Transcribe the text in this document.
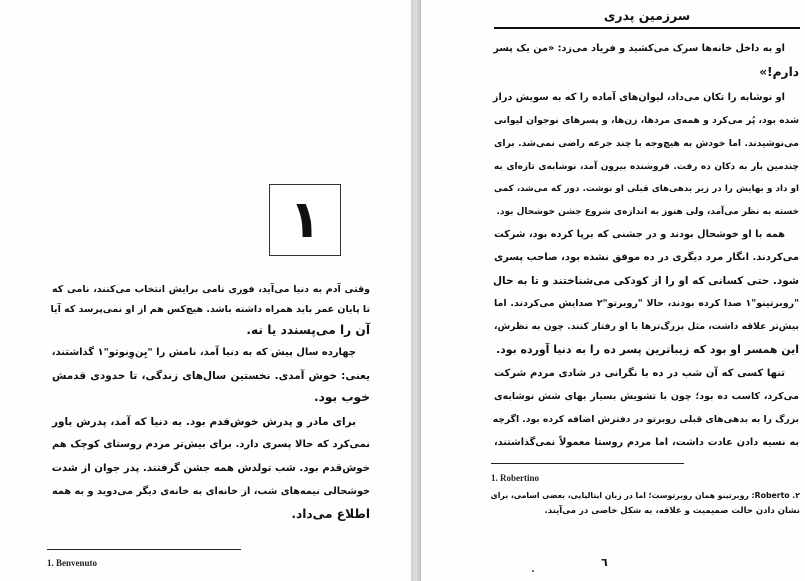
١
سرزمین پدری
وقتی آدم به دنیا می‌آید، فوری نامی برایش انتخاب می‌کنند، نامی که
تا پایان عمر باید همراه داشته باشد. هیچ‌کس هم از او نمی‌پرسد که آیا
آن را می‌پسندد یا نه.
چهارده سال پیش که به دنیا آمد، نامش را "بِن‌وِنوتو"١ گذاشتند،
یعنی: خوش آمدی. نخستین سال‌های زندگی، تا حدودی قدمش
خوب بود.
برای مادر و پدرش خوش‌قدم بود. به دنیا که آمد، پدرش باور
نمی‌کرد که حالا پسری دارد. برای بیش‌تر مردم روستای کوچک هم
خوش‌قدم بود. شب تولدش همه جشن گرفتند. پدر جوان از شدت
خوشحالی نیمه‌های شب، از خانه‌ای به خانه‌ی دیگر می‌دوید و به همه
اطلاع می‌داد.
1. Benvenuto
او به داخل خانه‌ها سرک می‌کشید و فریاد می‌زد: «من یک پسر
دارم!»
او نوشابه را تکان می‌داد، لیوان‌های آماده را که به سویش دراز
شده بود، پُر می‌کرد و همه‌ی مردها، زن‌ها، و پسرهای نوجوان لیوانی
می‌نوشیدند. اما خودش به هیچ‌وجه با چند جرعه راضی نمی‌شد. برای
چندمین بار به دکان ده رفت. فروشنده بیرون آمد، نوشابه‌ی تازه‌ای به
او داد و بهایش را در زیر بدهی‌های قبلی او نوشت. دور که می‌شد، کمی
خسته به نظر می‌آمد، ولی هنوز به اندازه‌ی شروع جشن خوشحال بود.
همه با او خوشحال بودند و در جشنی که برپا کرده بود، شرکت
می‌کردند. انگار مرد دیگری در ده موفق نشده بود، صاحب پسری
شود. حتی کسانی که او را از کودکی می‌شناختند و تا به حال
"روبرتینو"١ صدا کرده بودند، حالا "روبرتو"٢ صدایش می‌کردند. اما
بیش‌تر علاقه داشت، مثل بزرگ‌ترها با او رفتار کنند. چون به نظرش،
این همسر او بود که زیباترین پسر ده را به دنیا آورده بود.
تنها کسی که آن شب در ده با نگرانی در شادی مردم شرکت
می‌کرد، کاسب ده بود؛ چون با تشویش بسیار بهای شش نوشابه‌ی
بزرگ را به بدهی‌های قبلی روبرتو در دفترش اضافه کرده بود. اگرچه
به نسیه دادن عادت داشت، اما مردم روستا معمولاً نمی‌گذاشتند،
1. Robertino
٢. Roberto: روبرتینو همان روبرتوست؛ اما در زبان ایتالیایی، بعضی اسامی، برای
نشان دادن حالت صمیمیت و علاقه، به شکل خاصی در می‌آیند.
٦
